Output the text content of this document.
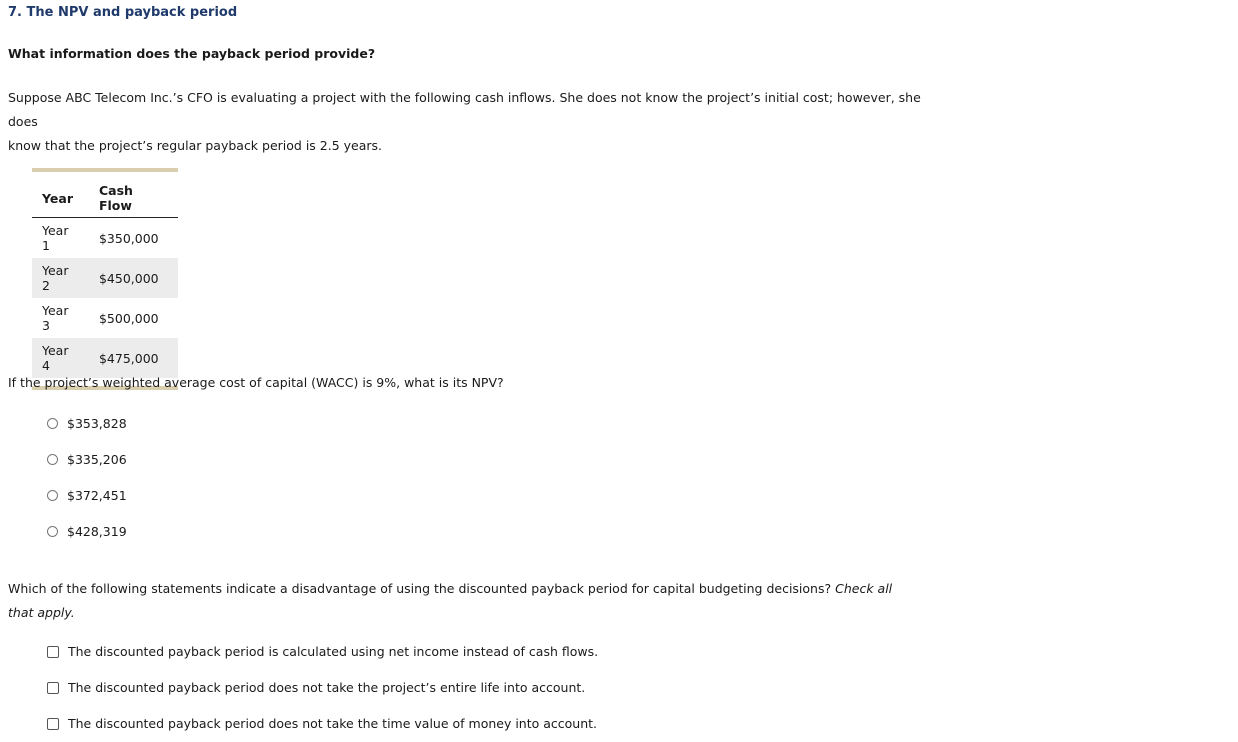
7. The NPV and payback period
What information does the payback period provide?
Suppose ABC Telecom Inc.’s CFO is evaluating a project with the following cash inflows. She does not know the project’s initial cost; however, she does
know that the project’s regular payback period is 2.5 years.
Year	Cash Flow
Year 1	$350,000
Year 2	$450,000
Year 3	$500,000
Year 4	$475,000
If the project’s weighted average cost of capital (WACC) is 9%, what is its NPV?
$353,828
$335,206
$372,451
$428,319
Which of the following statements indicate a disadvantage of using the discounted payback period for capital budgeting decisions? Check all that apply.
The discounted payback period is calculated using net income instead of cash flows.
The discounted payback period does not take the project’s entire life into account.
The discounted payback period does not take the time value of money into account.
